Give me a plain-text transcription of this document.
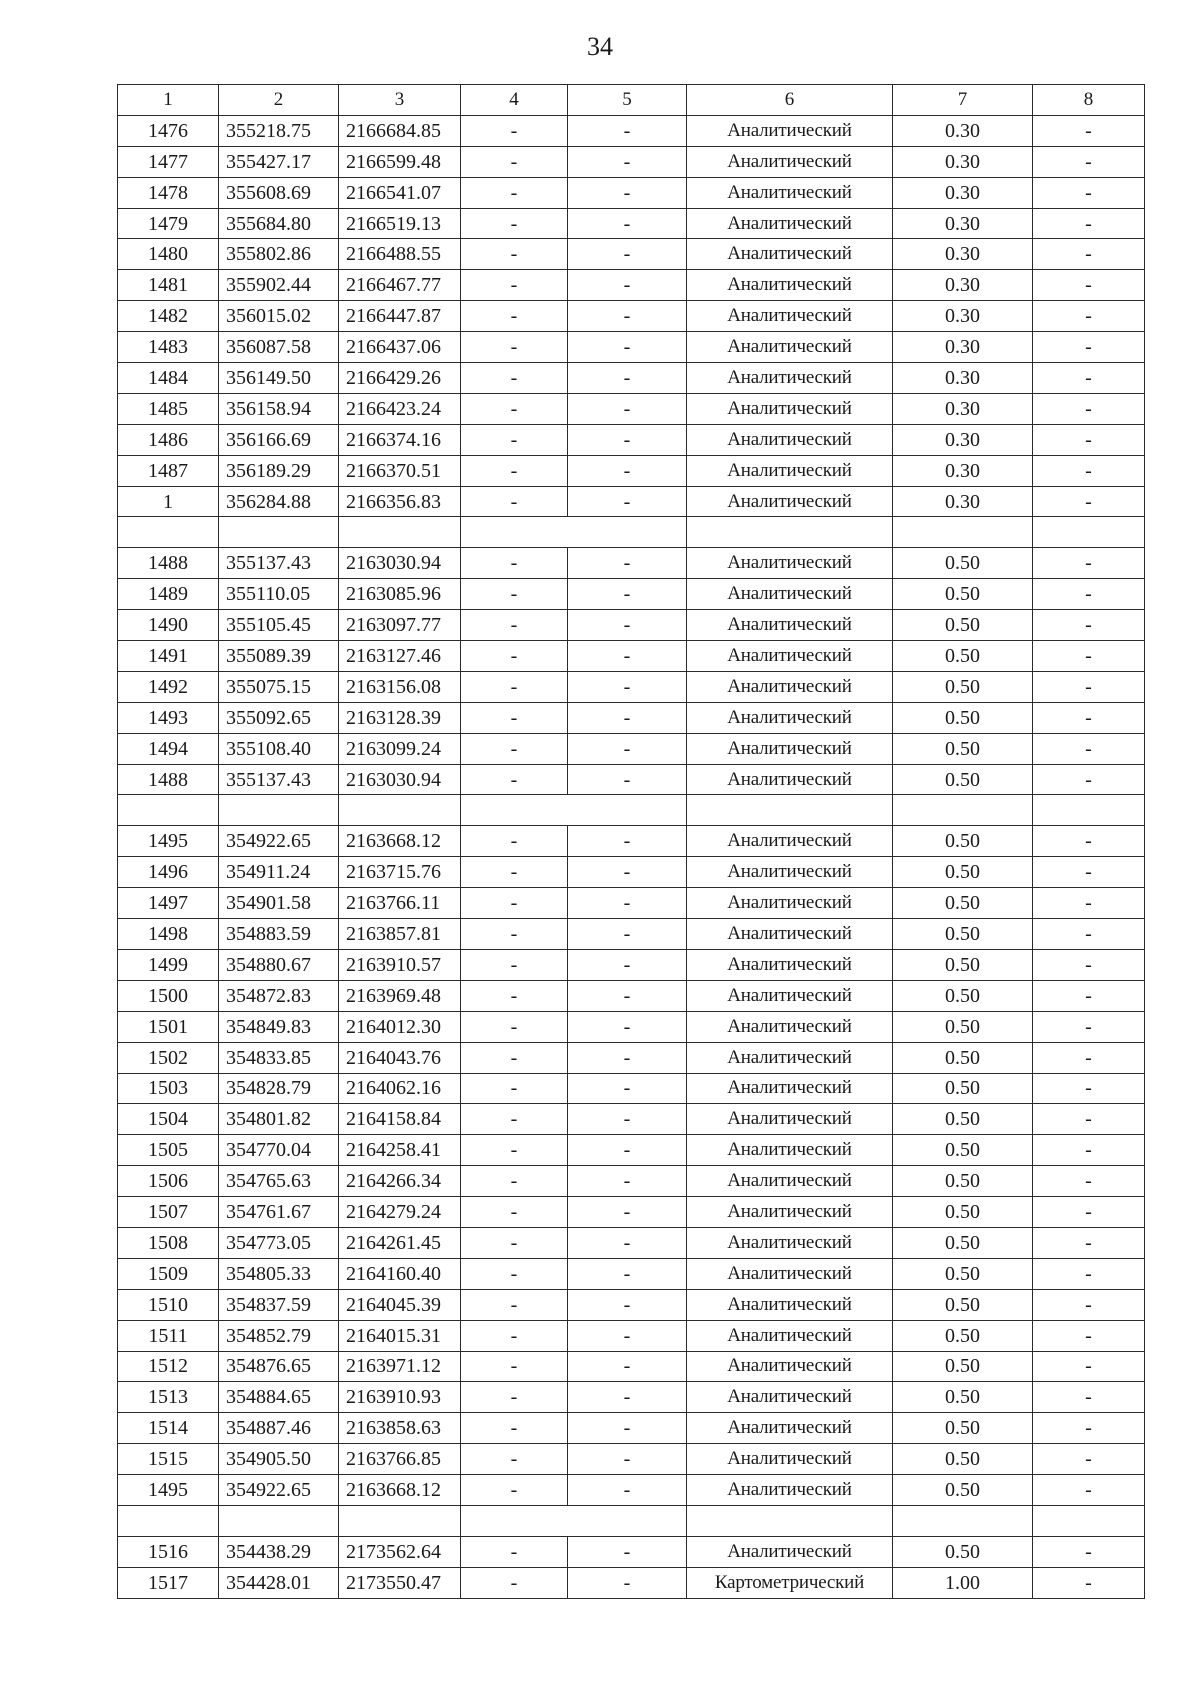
34
1	2	3	4	5	6	7	8
1476	355218.75	2166684.85	-	-	Аналитический	0.30	-
1477	355427.17	2166599.48	-	-	Аналитический	0.30	-
1478	355608.69	2166541.07	-	-	Аналитический	0.30	-
1479	355684.80	2166519.13	-	-	Аналитический	0.30	-
1480	355802.86	2166488.55	-	-	Аналитический	0.30	-
1481	355902.44	2166467.77	-	-	Аналитический	0.30	-
1482	356015.02	2166447.87	-	-	Аналитический	0.30	-
1483	356087.58	2166437.06	-	-	Аналитический	0.30	-
1484	356149.50	2166429.26	-	-	Аналитический	0.30	-
1485	356158.94	2166423.24	-	-	Аналитический	0.30	-
1486	356166.69	2166374.16	-	-	Аналитический	0.30	-
1487	356189.29	2166370.51	-	-	Аналитический	0.30	-
1	356284.88	2166356.83	-	-	Аналитический	0.30	-

1488	355137.43	2163030.94	-	-	Аналитический	0.50	-
1489	355110.05	2163085.96	-	-	Аналитический	0.50	-
1490	355105.45	2163097.77	-	-	Аналитический	0.50	-
1491	355089.39	2163127.46	-	-	Аналитический	0.50	-
1492	355075.15	2163156.08	-	-	Аналитический	0.50	-
1493	355092.65	2163128.39	-	-	Аналитический	0.50	-
1494	355108.40	2163099.24	-	-	Аналитический	0.50	-
1488	355137.43	2163030.94	-	-	Аналитический	0.50	-

1495	354922.65	2163668.12	-	-	Аналитический	0.50	-
1496	354911.24	2163715.76	-	-	Аналитический	0.50	-
1497	354901.58	2163766.11	-	-	Аналитический	0.50	-
1498	354883.59	2163857.81	-	-	Аналитический	0.50	-
1499	354880.67	2163910.57	-	-	Аналитический	0.50	-
1500	354872.83	2163969.48	-	-	Аналитический	0.50	-
1501	354849.83	2164012.30	-	-	Аналитический	0.50	-
1502	354833.85	2164043.76	-	-	Аналитический	0.50	-
1503	354828.79	2164062.16	-	-	Аналитический	0.50	-
1504	354801.82	2164158.84	-	-	Аналитический	0.50	-
1505	354770.04	2164258.41	-	-	Аналитический	0.50	-
1506	354765.63	2164266.34	-	-	Аналитический	0.50	-
1507	354761.67	2164279.24	-	-	Аналитический	0.50	-
1508	354773.05	2164261.45	-	-	Аналитический	0.50	-
1509	354805.33	2164160.40	-	-	Аналитический	0.50	-
1510	354837.59	2164045.39	-	-	Аналитический	0.50	-
1511	354852.79	2164015.31	-	-	Аналитический	0.50	-
1512	354876.65	2163971.12	-	-	Аналитический	0.50	-
1513	354884.65	2163910.93	-	-	Аналитический	0.50	-
1514	354887.46	2163858.63	-	-	Аналитический	0.50	-
1515	354905.50	2163766.85	-	-	Аналитический	0.50	-
1495	354922.65	2163668.12	-	-	Аналитический	0.50	-

1516	354438.29	2173562.64	-	-	Аналитический	0.50	-
1517	354428.01	2173550.47	-	-	Картометрический	1.00	-
